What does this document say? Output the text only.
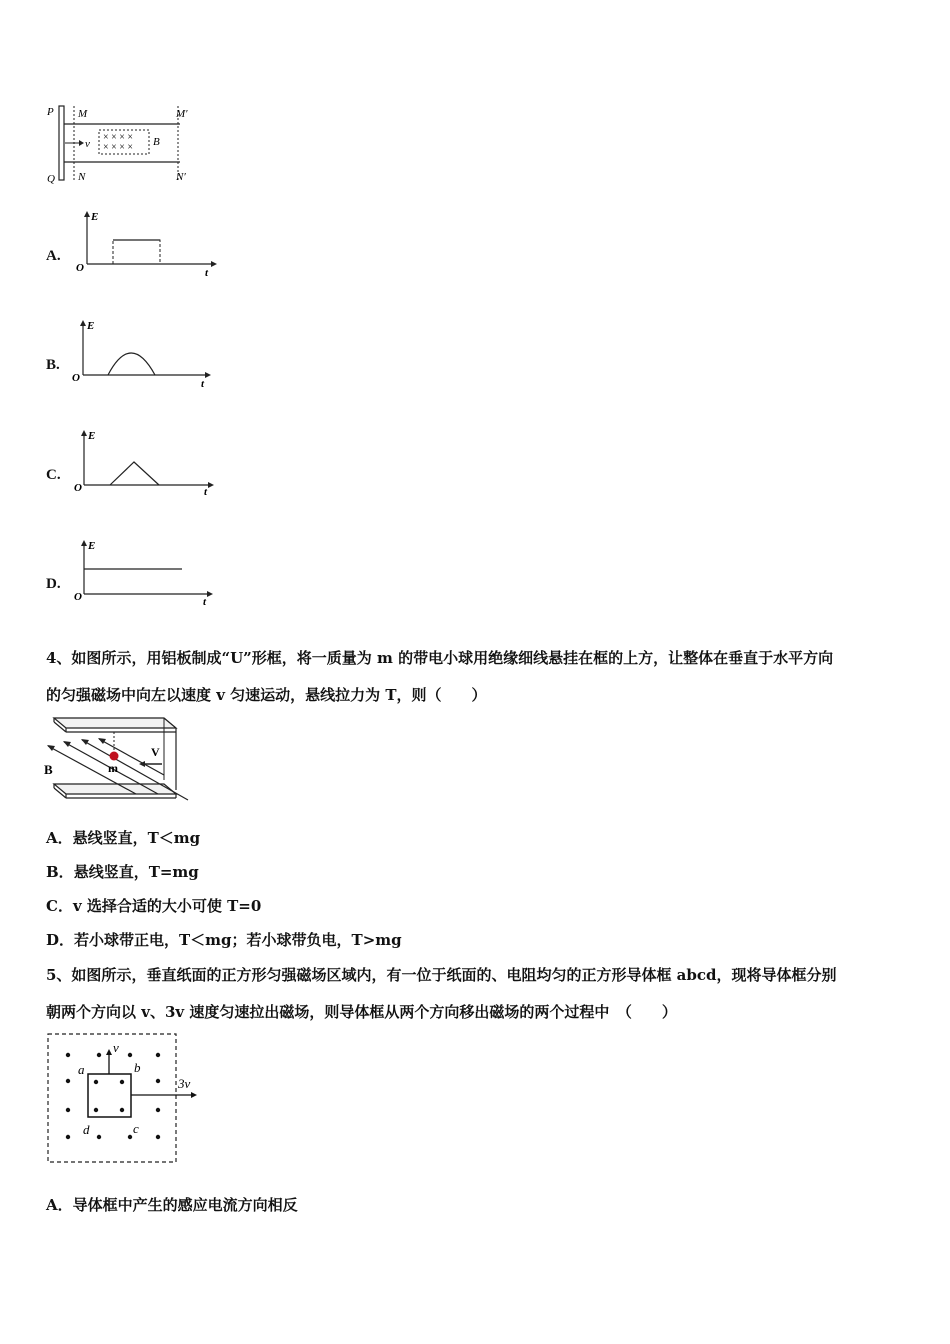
P
Q
M
N
M′
N′
v	B
× × × ×
× × × ×
A.
E
t
O
B.
E
t
O
C.
E
t
O
D.
E
t
O
4、如图所示，用铝板制成“U”形框，将一质量为 m 的带电小球用绝缘细线悬挂在框的上方，让整体在垂直于水平方向
的匀强磁场中向左以速度 v 匀速运动，悬线拉力为 T，则（　　）
m
B
V
A．悬线竖直，T＜mg
B．悬线竖直，T=mg
C．v 选择合适的大小可使 T=0
D．若小球带正电，T＜mg；若小球带负电，T>mg
5、如图所示，垂直纸面的正方形匀强磁场区域内，有一位于纸面的、电阻均匀的正方形导体框 abcd，现将导体框分别
朝两个方向以 v、3v 速度匀速拉出磁场，则导体框从两个方向移出磁场的两个过程中　（　　）
v
3v
a	b
c
d
A．导体框中产生的感应电流方向相反
